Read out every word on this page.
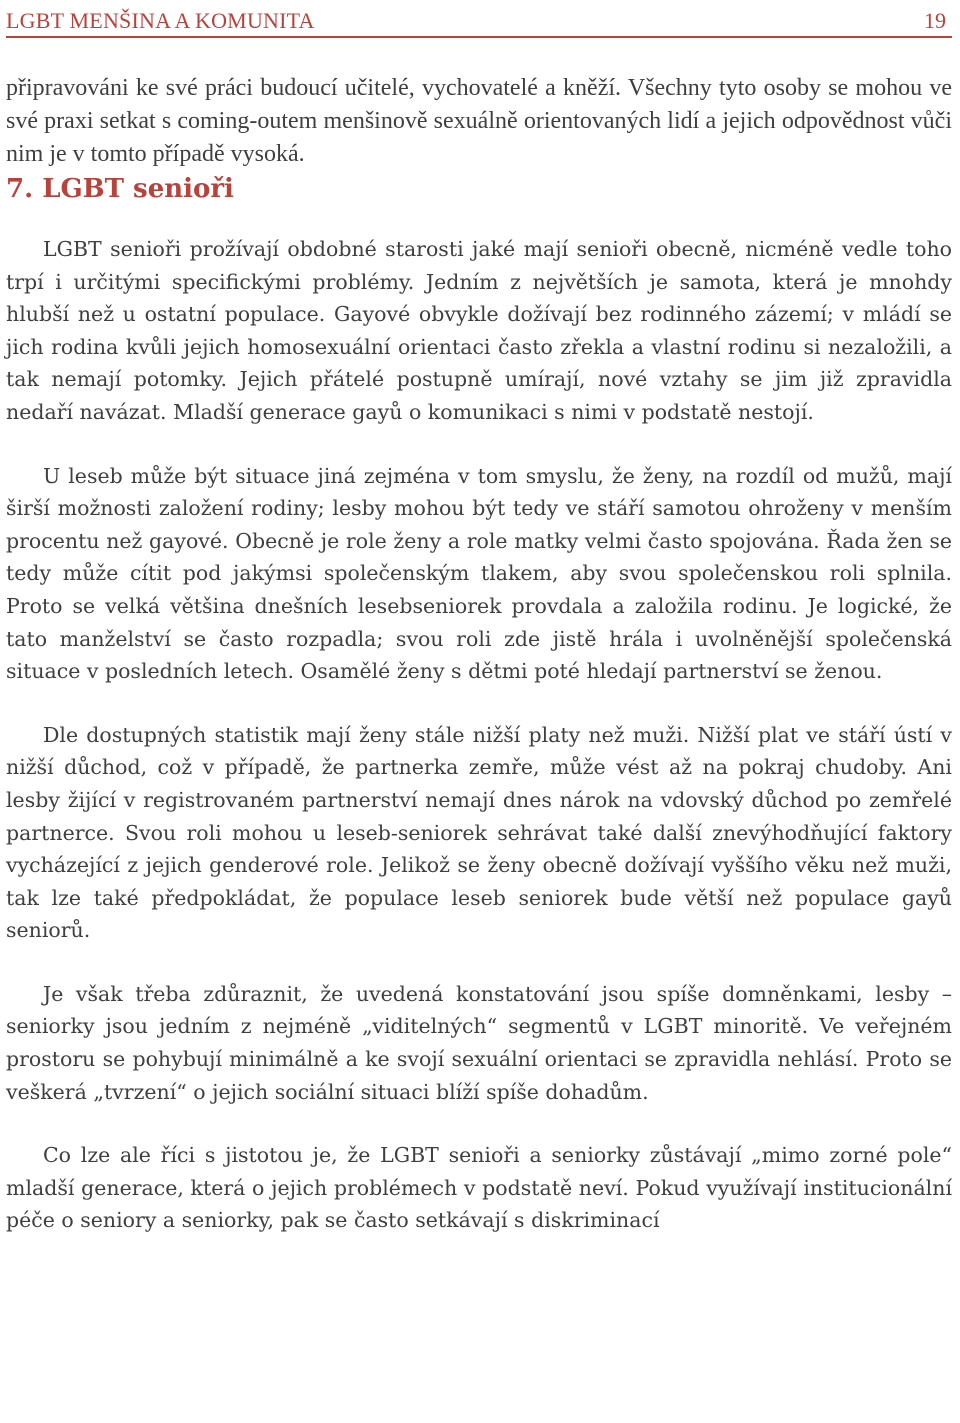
LGBT MENŠINA A KOMUNITA	19

připravováni ke své práci budoucí učitelé, vychovatelé a kněží. Všechny tyto osoby se mohou ve své praxi setkat s coming-outem menšinově sexuálně orientovaných lidí a jejich odpovědnost vůči nim je v tomto případě vysoká.

7. LGBT senioři

LGBT senioři prožívají obdobné starosti jaké mají senioři obecně, nicméně vedle toho trpí i určitými specifickými problémy. Jedním z největších je samota, která je mnohdy hlubší než u ostatní populace. Gayové obvykle dožívají bez rodinného zázemí; v mládí se jich rodina kvůli jejich homosexuální orientaci často zřekla a vlastní rodinu si nezaložili, a tak nemají potomky. Jejich přátelé postupně umírají, nové vztahy se jim již zpravidla nedaří navázat. Mladší generace gayů o komunikaci s nimi v podstatě nestojí.

U leseb může být situace jiná zejména v tom smyslu, že ženy, na rozdíl od mužů, mají širší možnosti založení rodiny; lesby mohou být tedy ve stáří samotou ohroženy v menším procentu než gayové. Obecně je role ženy a role matky velmi často spojována. Řada žen se tedy může cítit pod jakýmsi společenským tlakem, aby svou společenskou roli splnila. Proto se velká většina dnešních lesebseniorek provdala a založila rodinu. Je logické, že tato manželství se často rozpadla; svou roli zde jistě hrála i uvolněnější společenská situace v posledních letech. Osamělé ženy s dětmi poté hledají partnerství se ženou.

Dle dostupných statistik mají ženy stále nižší platy než muži. Nižší plat ve stáří ústí v nižší důchod, což v případě, že partnerka zemře, může vést až na pokraj chudoby. Ani lesby žijící v registrovaném partnerství nemají dnes nárok na vdovský důchod po zemřelé partnerce. Svou roli mohou u leseb-seniorek sehrávat také další znevýhodňující faktory vycházející z jejich genderové role. Jelikož se ženy obecně dožívají vyššího věku než muži, tak lze také předpokládat, že populace leseb seniorek bude větší než populace gayů seniorů.

Je však třeba zdůraznit, že uvedená konstatování jsou spíše domněnkami, lesby – seniorky jsou jedním z nejméně „viditelných“ segmentů v LGBT minoritě. Ve veřejném prostoru se pohybují minimálně a ke svojí sexuální orientaci se zpravidla nehlásí. Proto se veškerá „tvrzení“ o jejich sociální situaci blíží spíše dohadům.

Co lze ale říci s jistotou je, že LGBT senioři a seniorky zůstávají „mimo zorné pole“ mladší generace, která o jejich problémech v podstatě neví. Pokud využívají institucionální péče o seniory a seniorky, pak se často setkávají s diskriminací
